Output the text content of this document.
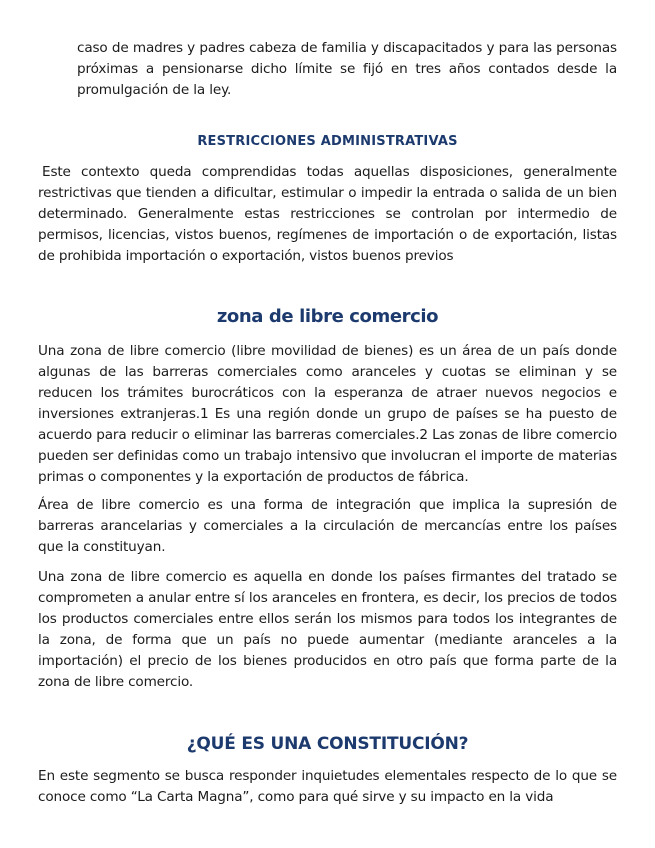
caso de madres y padres cabeza de familia y discapacitados y para las personas próximas a pensionarse dicho límite se fijó en tres años contados desde la promulgación de la ley.

RESTRICCIONES ADMINISTRATIVAS

Este contexto queda comprendidas todas aquellas disposiciones, generalmente restrictivas que tienden a dificultar, estimular o impedir la entrada o salida de un bien determinado. Generalmente estas restricciones se controlan por intermedio de permisos, licencias, vistos buenos, regímenes de importación o de exportación, listas de prohibida importación o exportación, vistos buenos previos

zona de libre comercio

Una zona de libre comercio (libre movilidad de bienes) es un área de un país donde algunas de las barreras comerciales como aranceles y cuotas se eliminan y se reducen los trámites burocráticos con la esperanza de atraer nuevos negocios e inversiones extranjeras.1 Es una región donde un grupo de países se ha puesto de acuerdo para reducir o eliminar las barreras comerciales.2 Las zonas de libre comercio pueden ser definidas como un trabajo intensivo que involucran el importe de materias primas o componentes y la exportación de productos de fábrica.

Área de libre comercio es una forma de integración que implica la supresión de barreras arancelarias y comerciales a la circulación de mercancías entre los países que la constituyan.

Una zona de libre comercio es aquella en donde los países firmantes del tratado se comprometen a anular entre sí los aranceles en frontera, es decir, los precios de todos los productos comerciales entre ellos serán los mismos para todos los integrantes de la zona, de forma que un país no puede aumentar (mediante aranceles a la importación) el precio de los bienes producidos en otro país que forma parte de la zona de libre comercio.

¿QUÉ ES UNA CONSTITUCIÓN?

En este segmento se busca responder inquietudes elementales respecto de lo que se conoce como “La Carta Magna”, como para qué sirve y su impacto en la vida
